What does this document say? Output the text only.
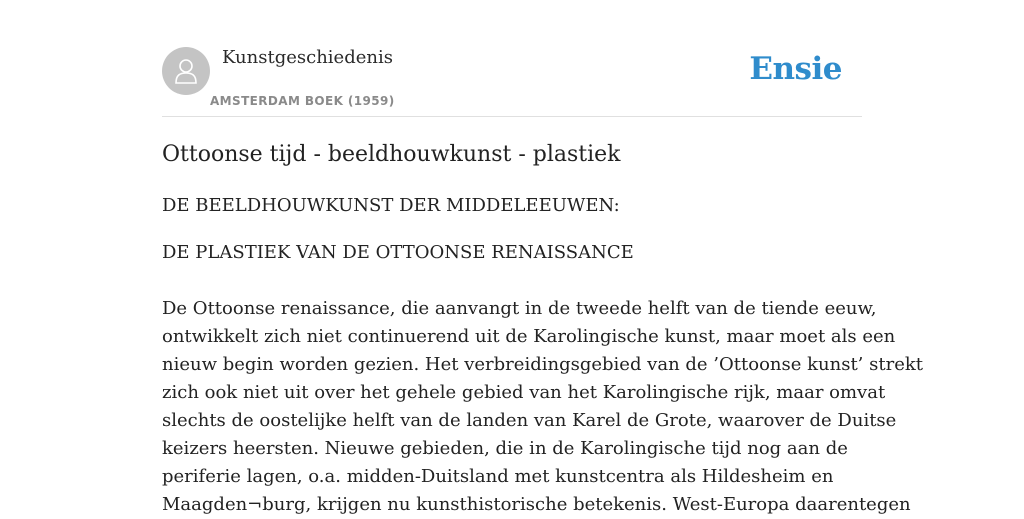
Kunstgeschiedenis
AMSTERDAM BOEK (1959)
Ensie
Ottoonse tijd - beeldhouwkunst - plastiek
DE BEELDHOUWKUNST DER MIDDELEEUWEN:
DE PLASTIEK VAN DE OTTOONSE RENAISSANCE

De Ottoonse renaissance, die aanvangt in de tweede helft van de tiende eeuw,

ontwikkelt zich niet continuerend uit de Karolingische kunst, maar moet als een

nieuw begin worden gezien. Het verbreidingsgebied van de ’Ottoonse kunst’ strekt

zich ook niet uit over het gehele gebied van het Karolingische rijk, maar omvat

slechts de oostelijke helft van de landen van Karel de Grote, waarover de Duitse

keizers heersten. Nieuwe gebieden, die in de Karolingische tijd nog aan de

periferie lagen, o.a. midden-Duitsland met kunstcentra als Hildesheim en

Maagden¬burg, krijgen nu kunsthistorische betekenis. West-Europa daarentegen
